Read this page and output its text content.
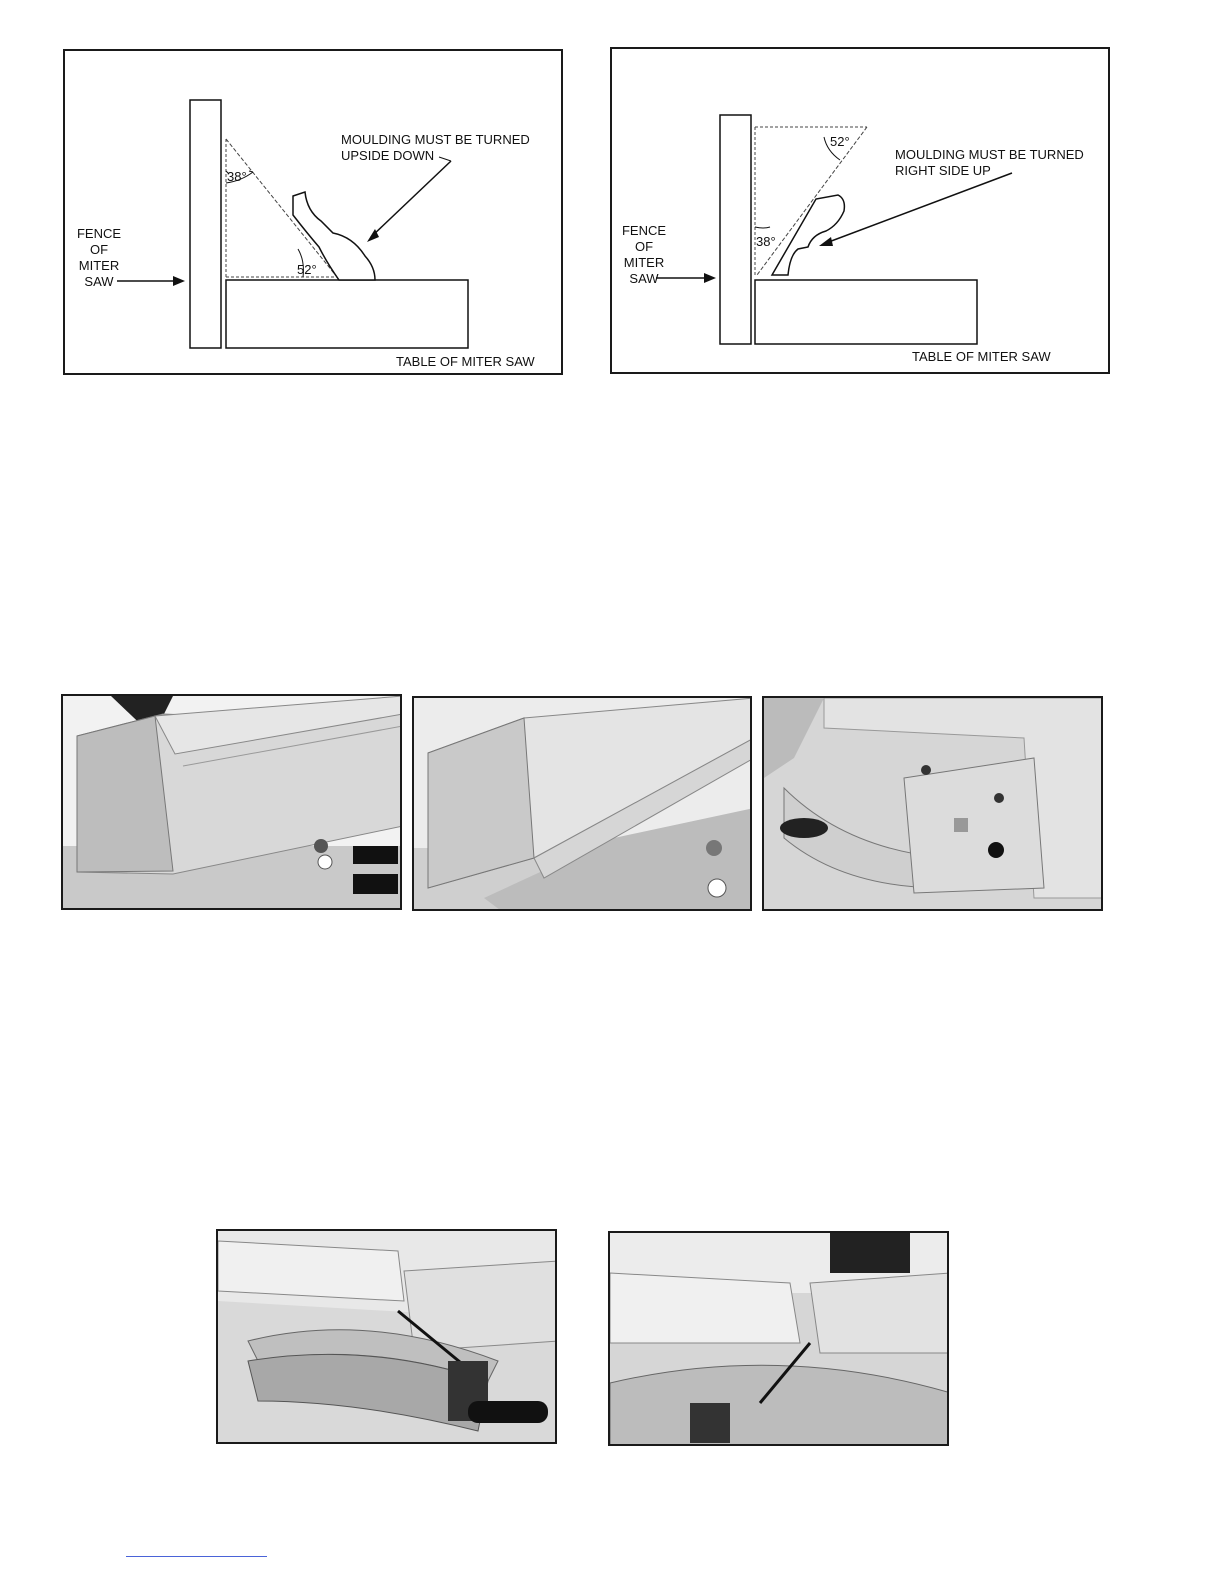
38°
52°
MOULDING MUST BE TURNED
UPSIDE DOWN
FENCE
OF
MITER
SAW
TABLE OF MITER SAW
52°
38°
MOULDING MUST BE TURNED
RIGHT SIDE UP
FENCE
OF
MITER
SAW
TABLE OF MITER SAW
